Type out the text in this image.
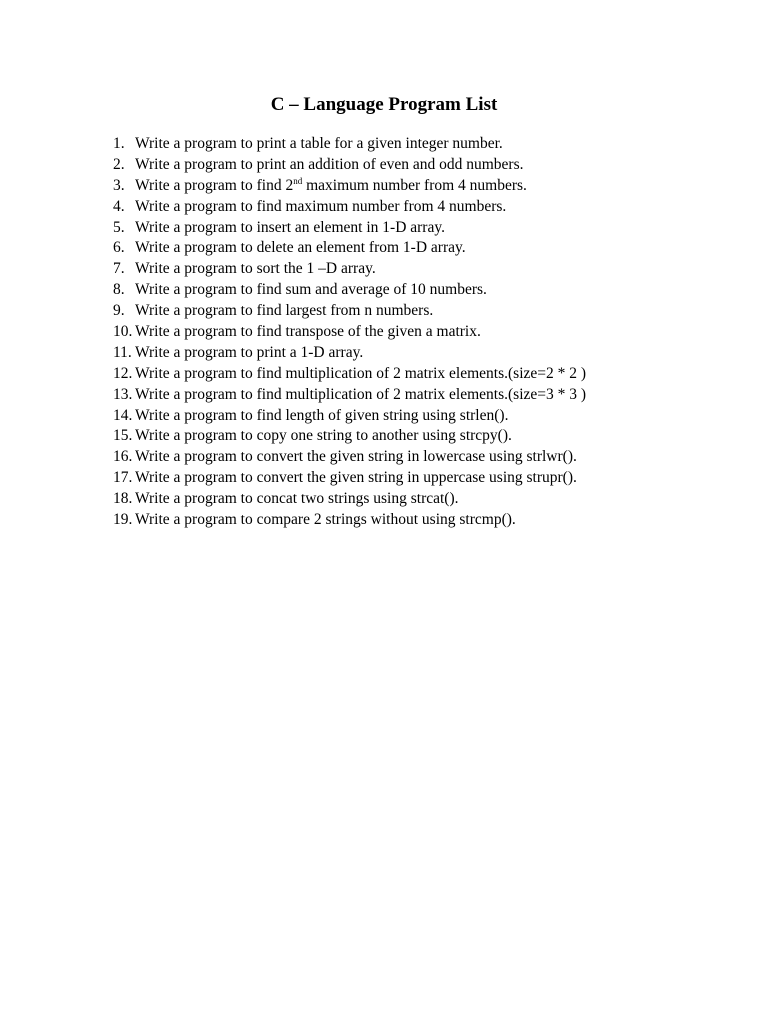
C – Language Program List
1. Write a program to print a table for a given integer number.
2. Write a program to print an addition of even and odd numbers.
3. Write a program to find 2nd maximum number from 4 numbers.
4. Write a program to find maximum number from 4 numbers.
5. Write a program to insert an element in 1-D array.
6. Write a program to delete an element from 1-D array.
7. Write a program to sort the 1 –D array.
8. Write a program to find sum and average of 10 numbers.
9. Write a program to find largest from n numbers.
10. Write a program to find transpose of the given a matrix.
11. Write a program to print a 1-D array.
12. Write a program to find multiplication of 2 matrix elements.(size=2 * 2 )
13. Write a program to find multiplication of 2 matrix elements.(size=3 * 3 )
14. Write a program to find length of given string using strlen().
15. Write a program to copy one string to another using strcpy().
16. Write a program to convert the given string in lowercase using strlwr().
17. Write a program to convert the given string in uppercase using strupr().
18. Write a program to concat two strings using strcat().
19. Write a program to compare 2 strings without using strcmp().
